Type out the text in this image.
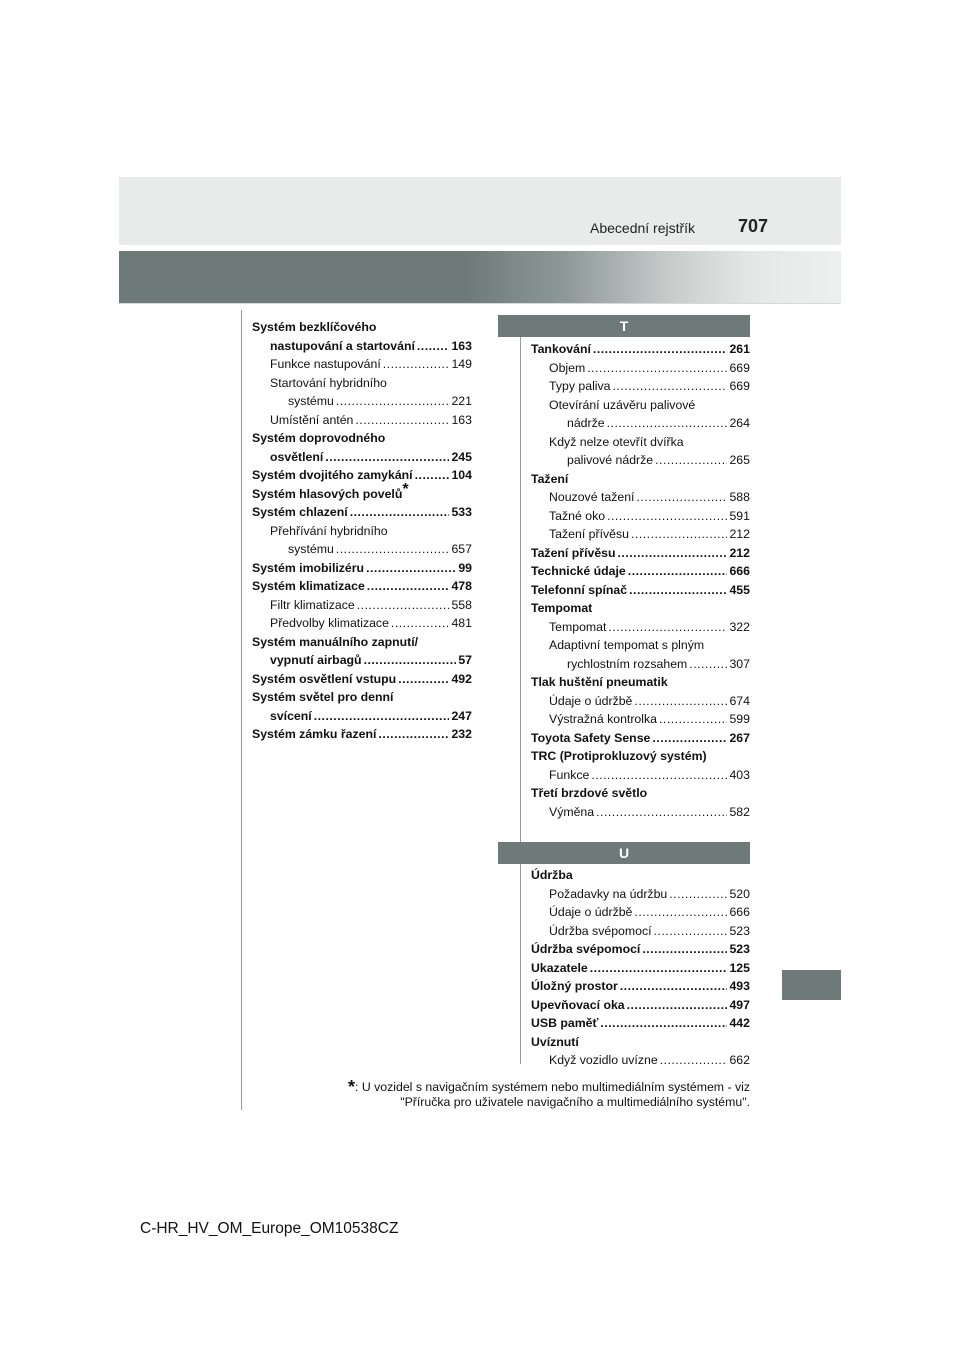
Abecední rejstřík 707
Systém bezklíčového
nastupování a startování .....	163
Funkce nastupování .....	149
Startování hybridního
systému .....	221
Umístění antén .....	163
Systém doprovodného
osvětlení .....	245
Systém dvojitého zamykání .....	104
Systém hlasových povelů*
Systém chlazení .....	533
Přehřívání hybridního
systému .....	657
Systém imobilizéru .....	99
Systém klimatizace .....	478
Filtr klimatizace .....	558
Předvolby klimatizace .....	481
Systém manuálního zapnutí/
vypnutí airbagů .....	57
Systém osvětlení vstupu .....	492
Systém světel pro denní
svícení .....	247
Systém zámku řazení .....	232
T
Tankování .....	261
Objem .....	669
Typy paliva .....	669
Otevírání uzávěru palivové
nádrže .....	264
Když nelze otevřít dvířka
palivové nádrže .....	265
Tažení
Nouzové tažení .....	588
Tažné oko .....	591
Tažení přívěsu .....	212
Tažení přívěsu .....	212
Technické údaje .....	666
Telefonní spínač .....	455
Tempomat
Tempomat .....	322
Adaptivní tempomat s plným
rychlostním rozsahem .....	307
Tlak huštění pneumatik
Údaje o údržbě .....	674
Výstražná kontrolka .....	599
Toyota Safety Sense .....	267
TRC (Protiprokluzový systém)
Funkce .....	403
Třetí brzdové světlo
Výměna .....	582
U
Údržba
Požadavky na údržbu .....	520
Údaje o údržbě .....	666
Údržba svépomocí .....	523
Údržba svépomocí .....	523
Ukazatele .....	125
Úložný prostor .....	493
Upevňovací oka .....	497
USB paměť .....	442
Uvíznutí
Když vozidlo uvízne .....	662
*: U vozidel s navigačním systémem nebo multimediálním systémem - viz
"Příručka pro uživatele navigačního a multimediálního systému".
C-HR_HV_OM_Europe_OM10538CZ
